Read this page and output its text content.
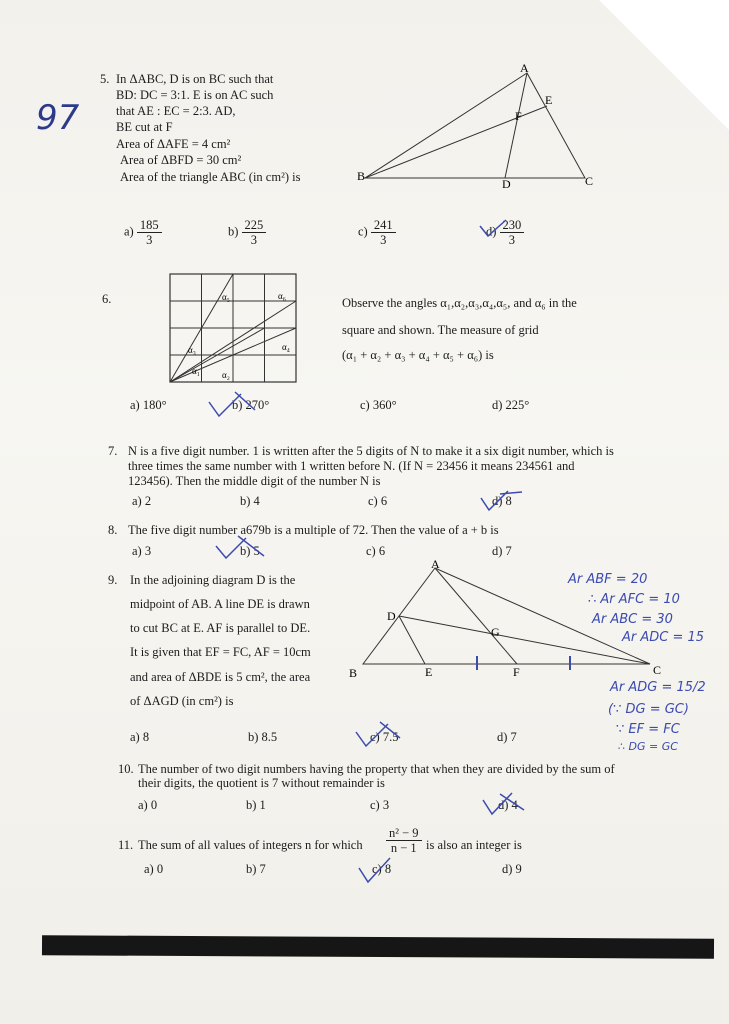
5. In ΔABC, D is on BC such that
BD: DC = 3:1. E is on AC such
that AE : EC = 2:3. AD,
BE cut at F
Area of ΔAFE = 4 cm²
Area of ΔBFD = 30 cm²
Area of the triangle ABC (in cm²) is
97
A
B	C
D
E
F
$a) \frac{185}{3}$	$b) \frac{225}{3}$	$c) \frac{241}{3}$	$d) \frac{230}{3}$
6.	α₆
α₅
α₄
α₃
α₂
α₁
Observe the angles α₁,α₂,α₃,α₄,α₅, and α₆ in the
square and shown. The measure of grid
(α₁ + α₂ + α₃ + α₄ + α₅ + α₆) is
a) 180°	b) 270°	c) 360°	d) 225°
7. N is a five digit number. 1 is written after the 5 digits of N to make it a six digit number, which is
three times the same number with 1 written before N. (If N = 23456 it means 234561 and
123456). Then the middle digit of the number N is
a) 2	b) 4	c) 6	d) 8
8. The five digit number a679b is a multiple of 72. Then the value of a + b is
a) 3	b) 5	c) 6	d) 7
9. In the adjoining diagram D is the
midpoint of AB. A line DE is drawn
to cut BC at E. AF is parallel to DE.
It is given that EF = FC, AF = 10cm
and area of ΔBDE is 5 cm², the area
of ΔAGD (in cm²) is
A
B	C
D
E	F
G
Ar ABF = 20
∴ Ar AFC = 10
Ar ABC = 30
Ar ADC = 15
Ar ADG = 15/2
(∵ DG = GC)
∵ EF = FC
∴ DG = GC
a) 8	b) 8.5	c) 7.5	d) 7
10. The number of two digit numbers having the property that when they are divided by the sum of
their digits, the quotient is 7 without remainder is
a) 0	b) 1	c) 3	d) 4
11. The sum of all values of integers n for which $\frac{\text{n² − 9}}{n - 1}$ is also an integer is
a) 0	b) 7	c) 8	d) 9
